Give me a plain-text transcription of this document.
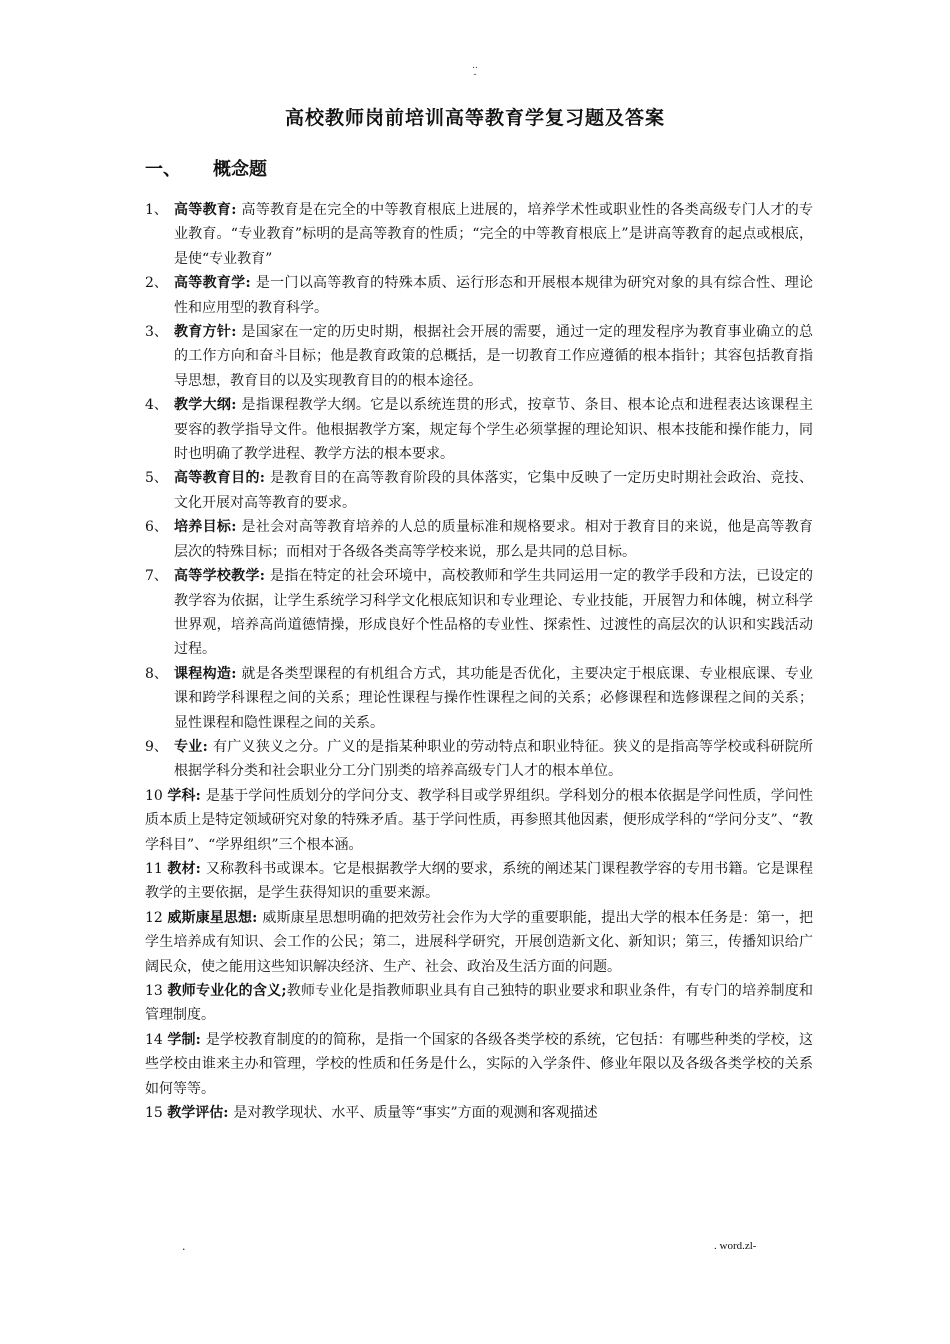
..
-
高校教师岗前培训高等教育学复习题及答案
一、 概念题
1、 高等教育: 高等教育是在完全的中等教育根底上进展的，培养学术性或职业性的各类高级专门人才的专业教育。“专业教育”标明的是高等教育的性质；“完全的中等教育根底上”是讲高等教育的起点或根底，是使“专业教育”
2、 高等教育学: 是一门以高等教育的特殊本质、运行形态和开展根本规律为研究对象的具有综合性、理论性和应用型的教育科学。
3、 教育方针: 是国家在一定的历史时期，根据社会开展的需要，通过一定的理发程序为教育事业确立的总的工作方向和奋斗目标；他是教育政策的总概括，是一切教育工作应遵循的根本指针；其容包括教育指导思想，教育目的以及实现教育目的的根本途径。
4、 教学大纲: 是指课程教学大纲。它是以系统连贯的形式，按章节、条目、根本论点和进程表达该课程主要容的教学指导文件。他根据教学方案，规定每个学生必须掌握的理论知识、根本技能和操作能力，同时也明确了教学进程、教学方法的根本要求。
5、 高等教育目的: 是教育目的在高等教育阶段的具体落实，它集中反映了一定历史时期社会政治、竞技、文化开展对高等教育的要求。
6、 培养目标: 是社会对高等教育培养的人总的质量标准和规格要求。相对于教育目的来说，他是高等教育层次的特殊目标；而相对于各级各类高等学校来说，那么是共同的总目标。
7、 高等学校教学: 是指在特定的社会环境中，高校教师和学生共同运用一定的教学手段和方法，已设定的教学容为依据，让学生系统学习科学文化根底知识和专业理论、专业技能，开展智力和体魄，树立科学世界观，培养高尚道德情操，形成良好个性品格的专业性、探索性、过渡性的高层次的认识和实践活动过程。
8、 课程构造: 就是各类型课程的有机组合方式，其功能是否优化，主要决定于根底课、专业根底课、专业课和跨学科课程之间的关系；理论性课程与操作性课程之间的关系；必修课程和选修课程之间的关系；显性课程和隐性课程之间的关系。
9、 专业: 有广义狭义之分。广义的是指某种职业的劳动特点和职业特征。狭义的是指高等学校或科研院所根据学科分类和社会职业分工分门别类的培养高级专门人才的根本单位。
10 学科: 是基于学问性质划分的学问分支、教学科目或学界组织。学科划分的根本依据是学问性质，学问性质本质上是特定领域研究对象的特殊矛盾。基于学问性质，再参照其他因素，便形成学科的“学问分支”、“教学科目”、“学界组织”三个根本涵。
11 教材: 又称教科书或课本。它是根据教学大纲的要求，系统的阐述某门课程教学容的专用书籍。它是课程教学的主要依据，是学生获得知识的重要来源。
12 威斯康星思想: 威斯康星思想明确的把效劳社会作为大学的重要职能，提出大学的根本任务是：第一，把学生培养成有知识、会工作的公民；第二，进展科学研究，开展创造新文化、新知识；第三，传播知识给广阔民众，使之能用这些知识解决经济、生产、社会、政治及生活方面的问题。
13 教师专业化的含义;教师专业化是指教师职业具有自己独特的职业要求和职业条件，有专门的培养制度和管理制度。
14 学制: 是学校教育制度的的简称，是指一个国家的各级各类学校的系统，它包括：有哪些种类的学校，这些学校由谁来主办和管理，学校的性质和任务是什么，实际的入学条件、修业年限以及各级各类学校的关系如何等等。
15 教学评估: 是对教学现状、水平、质量等“事实”方面的观测和客观描述
.	. word.zl-
